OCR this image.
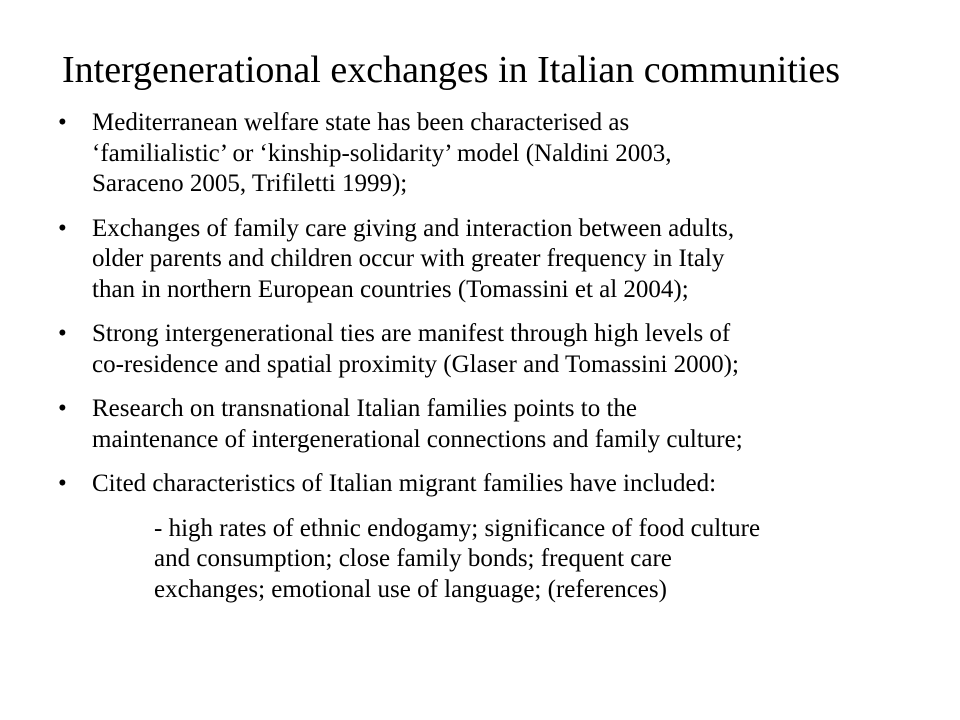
Intergenerational exchanges in Italian communities
•	Mediterranean welfare state has been characterised as
‘familialistic’ or ‘kinship-solidarity’ model (Naldini 2003,
Saraceno 2005, Trifiletti 1999);
•	Exchanges of family care giving and interaction between adults,
older parents and children occur with greater frequency in Italy
than in northern European countries (Tomassini et al 2004);
•	Strong intergenerational ties are manifest through high levels of
co-residence and spatial proximity (Glaser and Tomassini 2000);
•	Research on transnational Italian families points to the
maintenance of intergenerational connections and family culture;
•	Cited characteristics of Italian migrant families have included:
- high rates of ethnic endogamy; significance of food culture
and consumption; close family bonds; frequent care
exchanges; emotional use of language; (references)
